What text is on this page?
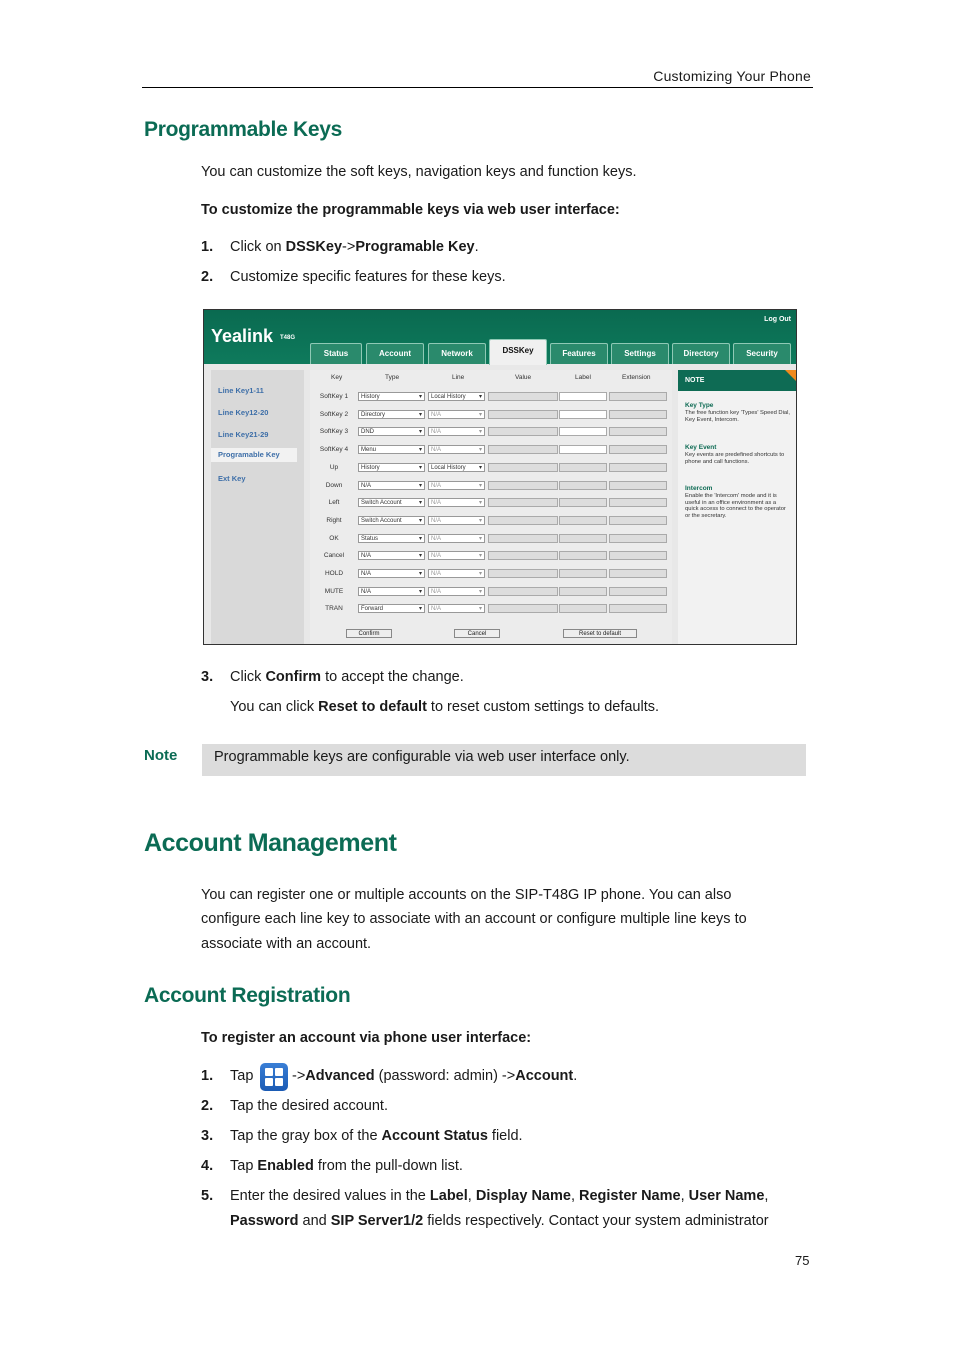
Customizing Your Phone
Programmable Keys
You can customize the soft keys, navigation keys and function keys.
To customize the programmable keys via web user interface:
1. Click on DSSKey->Programable Key.
2. Customize specific features for these keys.
Yealink T48G
Log Out
Status	Account	Network	DSSKey	Features	Settings	Directory	Security
Line Key1-11
Line Key12-20
Line Key21-29
Programable Key
Ext Key
Key	Type	Line	Value	Label	Extension
SoftKey 1	History ▾	Local History ▾
SoftKey 2	Directory ▾	N/A ▾
SoftKey 3	DND ▾	N/A ▾
SoftKey 4	Menu ▾	N/A ▾
Up	History ▾	Local History ▾
Down	N/A ▾	N/A ▾
Left	Switch Account ▾	N/A ▾
Right	Switch Account ▾	N/A ▾
OK	Status ▾	N/A ▾
Cancel	N/A ▾	N/A ▾
HOLD	N/A ▾	N/A ▾
MUTE	N/A ▾	N/A ▾
TRAN	Forward ▾	N/A ▾
Confirm	Cancel	Reset to default
NOTE
Key Type
The free function key 'Types' Speed Dial, Key Event, Intercom.
Key Event
Key events are predefined shortcuts to phone and call functions.
Intercom
Enable the 'Intercom' mode and it is useful in an office environment as a quick access to connect to the operator or the secretary.
3. Click Confirm to accept the change.
You can click Reset to default to reset custom settings to defaults.
Note	Programmable keys are configurable via web user interface only.
Account Management
You can register one or multiple accounts on the SIP-T48G IP phone. You can also
configure each line key to associate with an account or configure multiple line keys to
associate with an account.
Account Registration
To register an account via phone user interface:
1. Tap	->Advanced (password: admin) ->Account.
2. Tap the desired account.
3. Tap the gray box of the Account Status field.
4. Tap Enabled from the pull-down list.
5. Enter the desired values in the Label, Display Name, Register Name, User Name,
Password and SIP Server1/2 fields respectively. Contact your system administrator
75
